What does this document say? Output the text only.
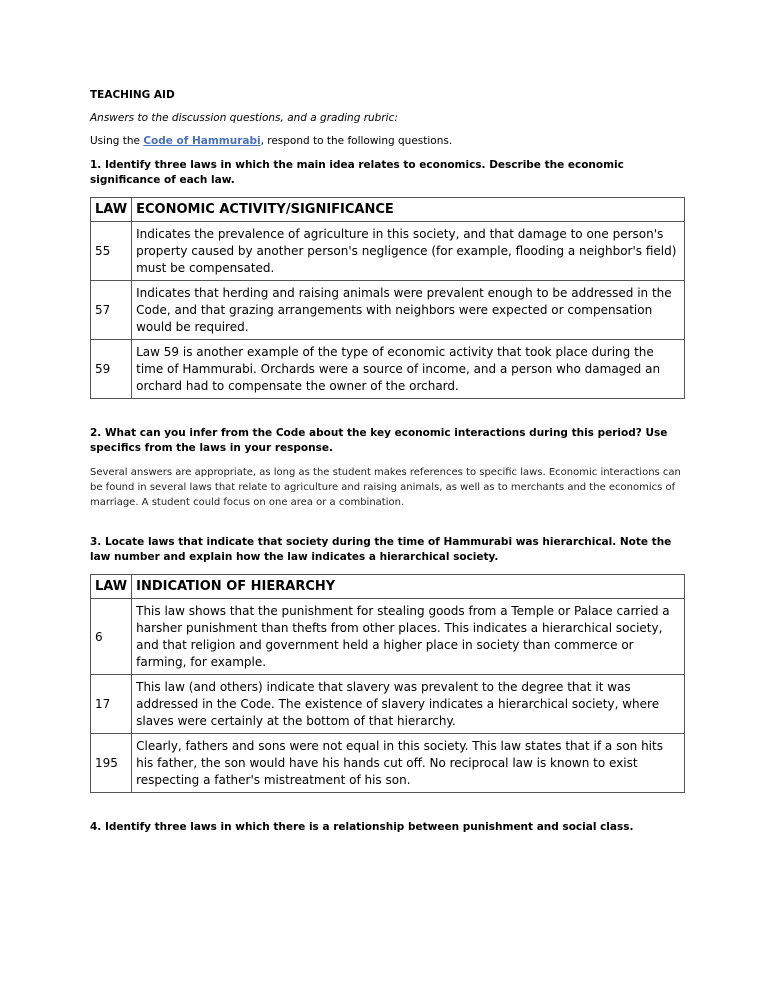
TEACHING AID
Answers to the discussion questions, and a grading rubric:
Using the Code of Hammurabi, respond to the following questions.
1. Identify three laws in which the main idea relates to economics. Describe the economic significance of each law.
LAW	ECONOMIC ACTIVITY/SIGNIFICANCE
55	Indicates the prevalence of agriculture in this society, and that damage to one person's property caused by another person's negligence (for example, flooding a neighbor's field) must be compensated.
57	Indicates that herding and raising animals were prevalent enough to be addressed in the Code, and that grazing arrangements with neighbors were expected or compensation would be required.
59	Law 59 is another example of the type of economic activity that took place during the time of Hammurabi. Orchards were a source of income, and a person who damaged an orchard had to compensate the owner of the orchard.
2. What can you infer from the Code about the key economic interactions during this period? Use specifics from the laws in your response.
Several answers are appropriate, as long as the student makes references to specific laws. Economic interactions can be found in several laws that relate to agriculture and raising animals, as well as to merchants and the economics of marriage. A student could focus on one area or a combination.
3. Locate laws that indicate that society during the time of Hammurabi was hierarchical. Note the law number and explain how the law indicates a hierarchical society.
LAW	INDICATION OF HIERARCHY
6	This law shows that the punishment for stealing goods from a Temple or Palace carried a harsher punishment than thefts from other places. This indicates a hierarchical society, and that religion and government held a higher place in society than commerce or farming, for example.
17	This law (and others) indicate that slavery was prevalent to the degree that it was addressed in the Code. The existence of slavery indicates a hierarchical society, where slaves were certainly at the bottom of that hierarchy.
195	Clearly, fathers and sons were not equal in this society. This law states that if a son hits his father, the son would have his hands cut off. No reciprocal law is known to exist respecting a father's mistreatment of his son.
4. Identify three laws in which there is a relationship between punishment and social class.
